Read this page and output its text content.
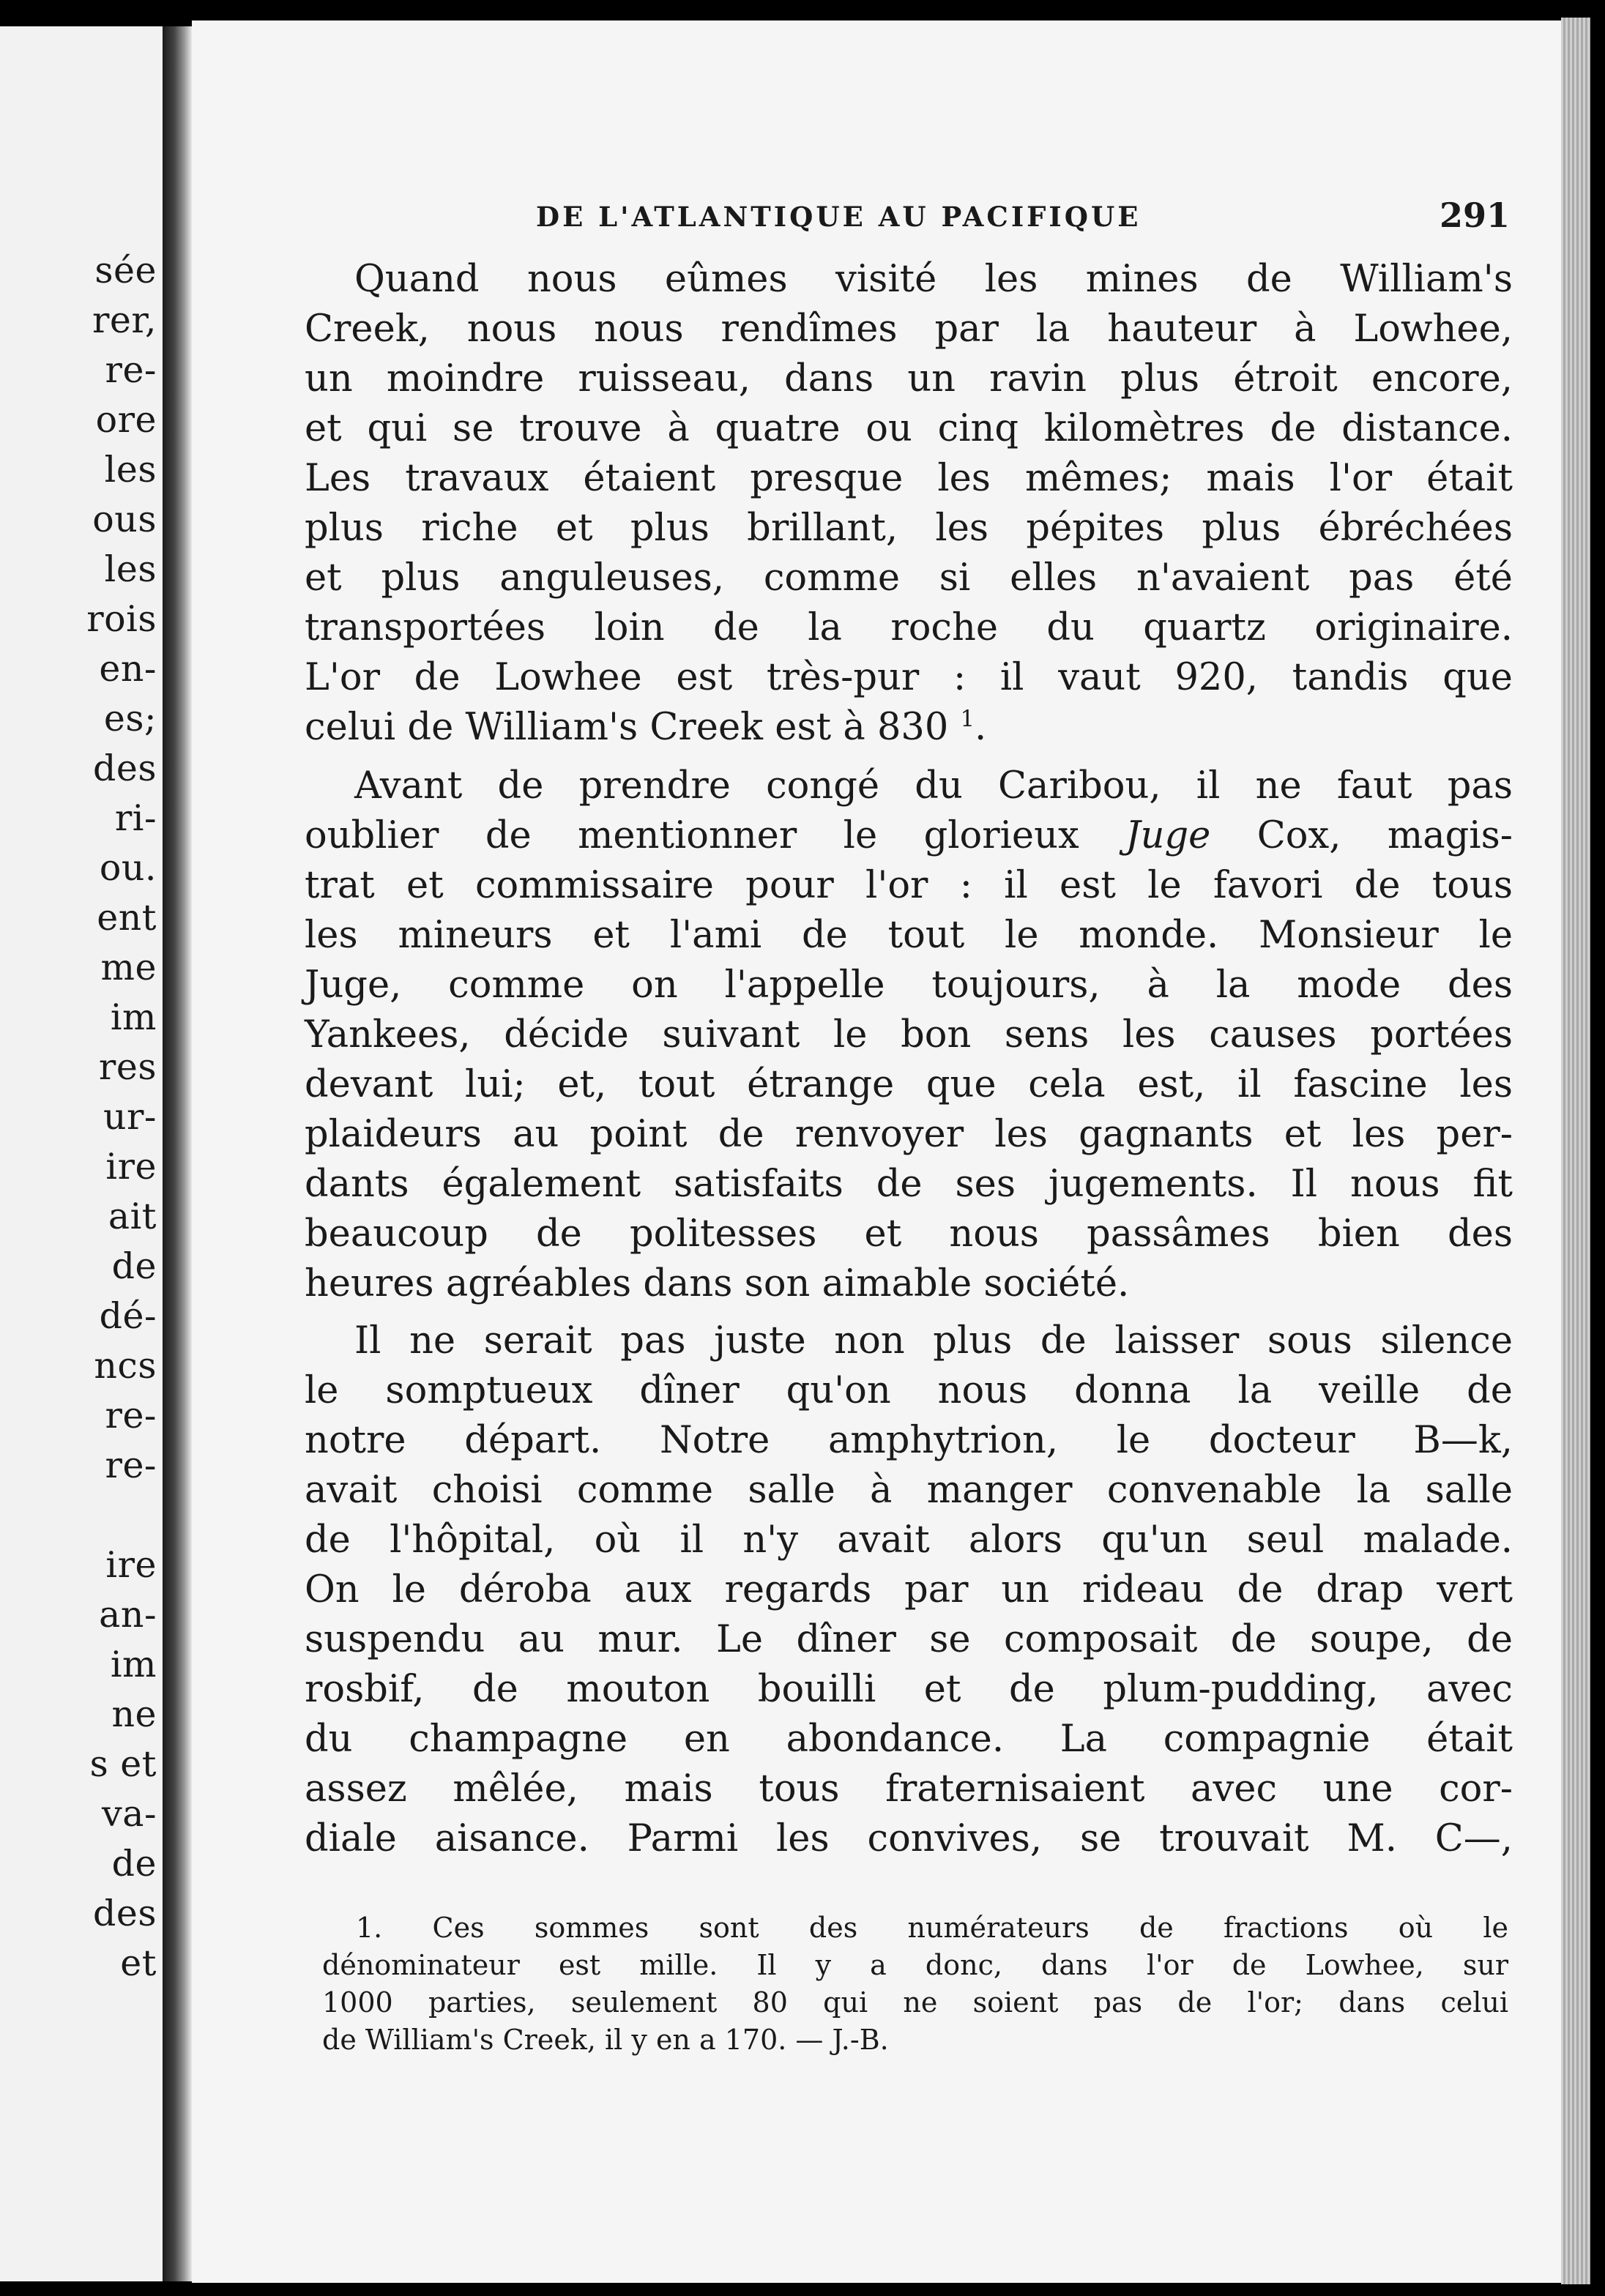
sée
rer,
re-
ore
les
ous
les
rois
en-
es;
des
ri-
ou.
ent
me
im
res
ur-
ire
ait
de
dé-
ncs
re-
re-
ire
an-
im
ne
s et
va-
de
des
et
DE L'ATLANTIQUE AU PACIFIQUE	291
Quand nous eûmes visité les mines de William's
Creek, nous nous rendîmes par la hauteur à Lowhee,
un moindre ruisseau, dans un ravin plus étroit encore,
et qui se trouve à quatre ou cinq kilomètres de distance.
Les travaux étaient presque les mêmes; mais l'or était
plus riche et plus brillant, les pépites plus ébréchées
et plus anguleuses, comme si elles n'avaient pas été
transportées loin de la roche du quartz originaire.
L'or de Lowhee est très-pur : il vaut 920, tandis que
celui de William's Creek est à 830 $^1$.
Avant de prendre congé du Caribou, il ne faut pas
oublier de mentionner le glorieux Juge Cox, magis-
trat et commissaire pour l'or : il est le favori de tous
les mineurs et l'ami de tout le monde. Monsieur le
Juge, comme on l'appelle toujours, à la mode des
Yankees, décide suivant le bon sens les causes portées
devant lui; et, tout étrange que cela est, il fascine les
plaideurs au point de renvoyer les gagnants et les per-
dants également satisfaits de ses jugements. Il nous fit
beaucoup de politesses et nous passâmes bien des
heures agréables dans son aimable société.
Il ne serait pas juste non plus de laisser sous silence
le somptueux dîner qu'on nous donna la veille de
notre départ. Notre amphytrion, le docteur B—k,
avait choisi comme salle à manger convenable la salle
de l'hôpital, où il n'y avait alors qu'un seul malade.
On le déroba aux regards par un rideau de drap vert
suspendu au mur. Le dîner se composait de soupe, de
rosbif, de mouton bouilli et de plum-pudding, avec
du champagne en abondance. La compagnie était
assez mêlée, mais tous fraternisaient avec une cor-
diale aisance. Parmi les convives, se trouvait M. C—,
1. Ces sommes sont des numérateurs de fractions où le
dénominateur est mille. Il y a donc, dans l'or de Lowhee, sur
1000 parties, seulement 80 qui ne soient pas de l'or; dans celui
de William's Creek, il y en a 170. — J.-B.
